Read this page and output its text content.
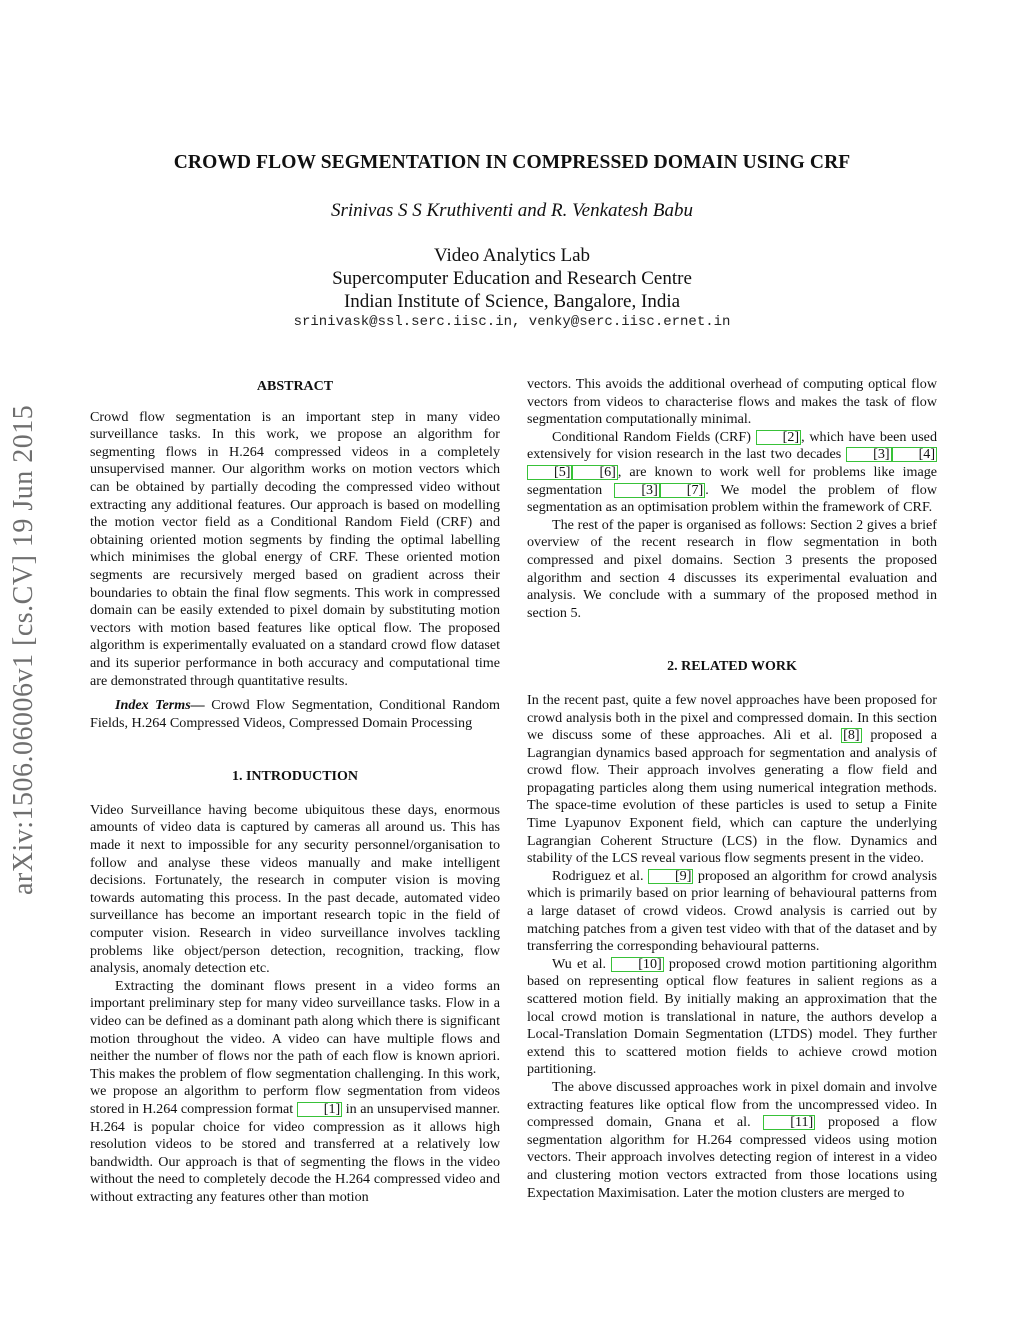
arXiv:1506.06006v1 [cs.CV] 19 Jun 2015
CROWD FLOW SEGMENTATION IN COMPRESSED DOMAIN USING CRF
Srinivas S S Kruthiventi and R. Venkatesh Babu
Video Analytics Lab
Supercomputer Education and Research Centre
Indian Institute of Science, Bangalore, India
srinivask@ssl.serc.iisc.in, venky@serc.iisc.ernet.in
ABSTRACT

Crowd flow segmentation is an important step in many video surveillance tasks. In this work, we propose an algorithm for segmenting flows in H.264 compressed videos in a completely unsupervised manner. Our algorithm works on motion vectors which can be obtained by partially decoding the compressed video without extracting any additional features. Our approach is based on modelling the motion vector field as a Conditional Random Field (CRF) and obtaining oriented motion segments by finding the optimal labelling which minimises the global energy of CRF. These oriented motion segments are recursively merged based on gradient across their boundaries to obtain the final flow segments. This work in compressed domain can be easily extended to pixel domain by substituting motion vectors with motion based features like optical flow. The proposed algorithm is experimentally evaluated on a standard crowd flow dataset and its superior performance in both accuracy and computational time are demonstrated through quantitative results.

Index Terms— Crowd Flow Segmentation, Conditional Random Fields, H.264 Compressed Videos, Compressed Domain Processing

1. INTRODUCTION

Video Surveillance having become ubiquitous these days, enormous amounts of video data is captured by cameras all around us. This has made it next to impossible for any security personnel/organisation to follow and analyse these videos manually and make intelligent decisions. Fortunately, the research in computer vision is moving towards automating this process. In the past decade, automated video surveillance has become an important research topic in the field of computer vision. Research in video surveillance involves tackling problems like object/person detection, recognition, tracking, flow analysis, anomaly detection etc.

Extracting the dominant flows present in a video forms an important preliminary step for many video surveillance tasks. Flow in a video can be defined as a dominant path along which there is significant motion throughout the video. A video can have multiple flows and neither the number of flows nor the path of each flow is known apriori. This makes the problem of flow segmentation challenging. In this work, we propose an algorithm to perform flow segmentation from videos stored in H.264 compression format [1] in an unsupervised manner. H.264 is popular choice for video compression as it allows high resolution videos to be stored and transferred at a relatively low bandwidth. Our approach is that of segmenting the flows in the video without the need to completely decode the H.264 compressed video and without extracting any features other than motion

vectors. This avoids the additional overhead of computing optical flow vectors from videos to characterise flows and makes the task of flow segmentation computationally minimal.

Conditional Random Fields (CRF) [2] , which have been used extensively for vision research in the last two decades [3] [4][5] [6] , are known to work well for problems like image segmentation	[3] [7] . We model the problem of flow segmentation as an optimisation problem within the framework of CRF.

The rest of the paper is organised as follows: Section 2 gives a brief overview of the recent research in flow segmentation in both compressed and pixel domains. Section 3 presents the proposed algorithm and section 4 discusses its experimental evaluation and analysis. We conclude with a summary of the proposed method in section 5.

2. RELATED WORK

In the recent past, quite a few novel approaches have been proposed for crowd analysis both in the pixel and compressed domain. In this section we discuss some of these approaches. Ali et al. [8] proposed a Lagrangian dynamics based approach for segmentation and analysis of crowd flow. Their approach involves generating a flow field and propagating particles along them using numerical integration methods. The space-time evolution of these particles is used to setup a Finite Time Lyapunov Exponent field, which can capture the underlying Lagrangian Coherent Structure (LCS) in the flow. Dynamics and stability of the LCS reveal various flow segments present in the video.

Rodriguez et al. [9] proposed an algorithm for crowd analysis which is primarily based on prior learning of behavioural patterns from a large dataset of crowd videos. Crowd analysis is carried out by matching patches from a given test video with that of the dataset and by transferring the corresponding behavioural patterns.

Wu et al. [10] proposed crowd motion partitioning algorithm based on representing optical flow features in salient regions as a scattered motion field. By initially making an approximation that the local crowd motion is translational in nature, the authors develop a Local-Translation Domain Segmentation (LTDS) model. They further extend this to scattered motion fields to achieve crowd motion partitioning.

The above discussed approaches work in pixel domain and involve extracting features like optical flow from the uncompressed video. In compressed domain, Gnana et al.	[11] proposed a flow segmentation algorithm for H.264 compressed videos using motion vectors. Their approach involves detecting region of interest in a video and clustering motion vectors extracted from those locations using Expectation Maximisation. Later the motion clusters are merged to
